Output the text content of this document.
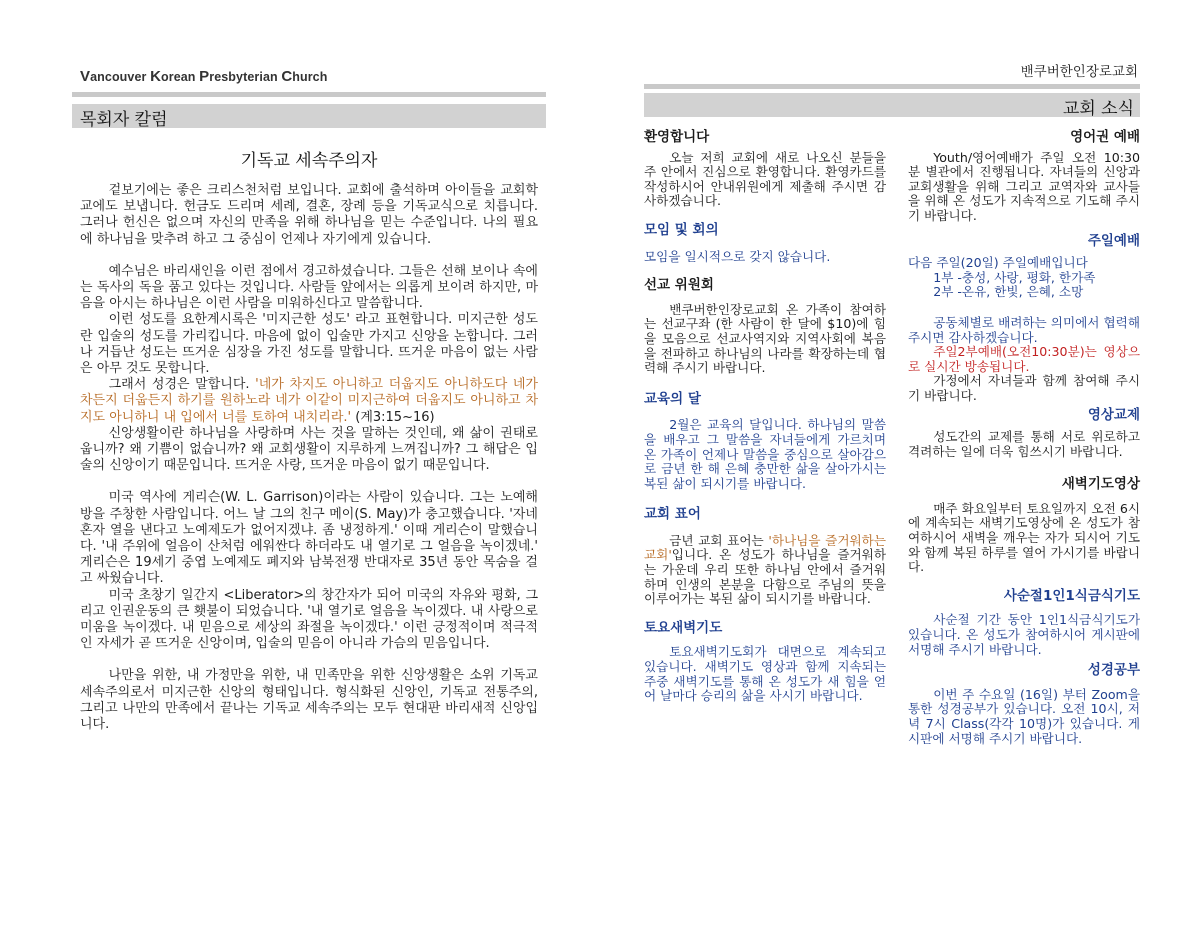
Vancouver Korean Presbyterian Church
목회자 칼럼
기독교 세속주의자

겉보기에는 좋은 크리스천처럼 보입니다. 교회에 출석하며 아이들을 교회학교에도 보냅니다. 헌금도 드리며 세례, 결혼, 장례 등을 기독교식으로 치릅니다. 그러나 헌신은 없으며 자신의 만족을 위해 하나님을 믿는 수준입니다. 나의 필요에 하나님을 맞추려 하고 그 중심이 언제나 자기에게 있습니다.

예수님은 바리새인을 이런 점에서 경고하셨습니다. 그들은 선해 보이나 속에는 독사의 독을 품고 있다는 것입니다. 사람들 앞에서는 의롭게 보이려 하지만, 마음을 아시는 하나님은 이런 사람을 미워하신다고 말씀합니다.

이런 성도를 요한계시록은 '미지근한 성도' 라고 표현합니다. 미지근한 성도란 입술의 성도를 가리킵니다. 마음에 없이 입술만 가지고 신앙을 논합니다. 그러나 거듭난 성도는 뜨거운 심장을 가진 성도를 말합니다. 뜨거운 마음이 없는 사람은 아무 것도 못합니다.

그래서 성경은 말합니다. '네가 차지도 아니하고 더웁지도 아니하도다 네가 차든지 더웁든지 하기를 원하노라 네가 이같이 미지근하여 더웁지도 아니하고 차지도 아니하니 내 입에서 너를 토하여 내치리라.' (계3:15~16)

신앙생활이란 하나님을 사랑하며 사는 것을 말하는 것인데, 왜 삶이 권태로웁니까? 왜 기쁨이 없습니까? 왜 교회생활이 지루하게 느껴집니까? 그 해답은 입술의 신앙이기 때문입니다. 뜨거운 사랑, 뜨거운 마음이 없기 때문입니다.

미국 역사에 게리슨(W. L. Garrison)이라는 사람이 있습니다. 그는 노예해방을 주창한 사람입니다. 어느 날 그의 친구 메이(S. May)가 충고했습니다. '자네 혼자 열을 낸다고 노예제도가 없어지겠냐. 좀 냉정하게.' 이때 게리슨이 말했습니다. '내 주위에 얼음이 산처럼 에워싼다 하더라도 내 열기로 그 얼음을 녹이겠네.' 게리슨은 19세기 중엽 노예제도 폐지와 남북전쟁 반대자로 35년 동안 목숨을 걸고 싸웠습니다.

미국 초창기 일간지 <Liberator>의 창간자가 되어 미국의 자유와 평화, 그리고 인권운동의 큰 횃불이 되었습니다. '내 열기로 얼음을 녹이겠다. 내 사랑으로 미움을 녹이겠다. 내 믿음으로 세상의 좌절을 녹이겠다.' 이런 긍정적이며 적극적인 자세가 곧 뜨거운 신앙이며, 입술의 믿음이 아니라 가슴의 믿음입니다.

나만을 위한, 내 가정만을 위한, 내 민족만을 위한 신앙생활은 소위 기독교 세속주의로서 미지근한 신앙의 형태입니다. 형식화된 신앙인, 기독교 전통주의, 그리고 나만의 만족에서 끝나는 기독교 세속주의는 모두 현대판 바리새적 신앙입니다.

밴쿠버한인장로교회
교회 소식
환영합니다
오늘 저희 교회에 새로 나오신 분들을 주 안에서 진심으로 환영합니다. 환영카드를 작성하시어 안내위원에게 제출해 주시면 감사하겠습니다.
모임 및 회의
모임을 일시적으로 갖지 않습니다.
선교 위원회
밴쿠버한인장로교회 온 가족이 참여하는 선교구좌 (한 사람이 한 달에 $10)에 힘을 모음으로 선교사역지와 지역사회에 복음을 전파하고 하나님의 나라를 확장하는데 협력해 주시기 바랍니다.
교육의 달
2월은 교육의 달입니다. 하나님의 말씀을 배우고 그 말씀을 자녀들에게 가르치며 온 가족이 언제나 말씀을 중심으로 살아감으로 금년 한 해 은혜 충만한 삶을 살아가시는 복된 삶이 되시기를 바랍니다.
교회 표어
금년 교회 표어는 '하나님을 즐거워하는 교회'입니다. 온 성도가 하나님을 즐거워하는 가운데 우리 또한 하나님 안에서 즐거워하며 인생의 본분을 다함으로 주님의 뜻을 이루어가는 복된 삶이 되시기를 바랍니다.
토요새벽기도
토요새벽기도회가 대면으로 계속되고 있습니다. 새벽기도 영상과 함께 지속되는 주중 새벽기도를 통해 온 성도가 새 힘을 얻어 날마다 승리의 삶을 사시기 바랍니다.
영어권 예배
Youth/영어예배가 주일 오전 10:30분 별관에서 진행됩니다. 자녀들의 신앙과 교회생활을 위해 그리고 교역자와 교사들을 위해 온 성도가 지속적으로 기도해 주시기 바랍니다.
주일예배
다음 주일(20일) 주일예배입니다
1부 -충성, 사랑, 평화, 한가족
2부 -온유, 한빛, 은혜, 소망
공동체별로 배려하는 의미에서 협력해 주시면 감사하겠습니다.
주일2부예배(오전10:30분)는 영상으로 실시간 방송됩니다.
가정에서 자녀들과 함께 참여해 주시기 바랍니다.
영상교제
성도간의 교제를 통해 서로 위로하고 격려하는 일에 더욱 힘쓰시기 바랍니다.
새벽기도영상
매주 화요일부터 토요일까지 오전 6시에 계속되는 새벽기도영상에 온 성도가 참여하시어 새벽을 깨우는 자가 되시어 기도와 함께 복된 하루를 열어 가시기를 바랍니다.
사순절1인1식금식기도
사순절 기간 동안 1인1식금식기도가 있습니다. 온 성도가 참여하시어 게시판에 서명해 주시기 바랍니다.
성경공부
이번 주 수요일 (16일) 부터 Zoom을 통한 성경공부가 있습니다. 오전 10시, 저녁 7시 Class(각각 10명)가 있습니다. 게시판에 서명해 주시기 바랍니다.
